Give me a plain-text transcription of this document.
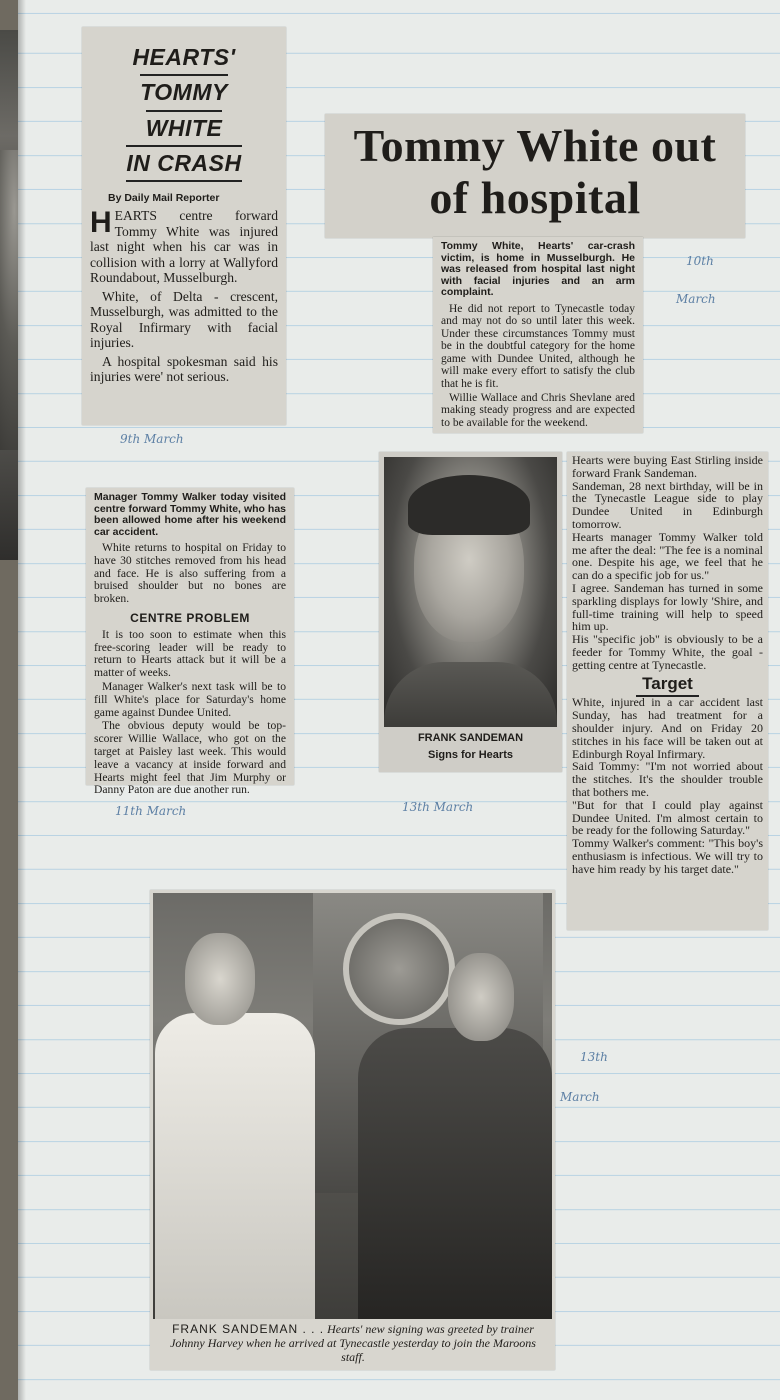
HEARTS'
TOMMY
WHITE
IN CRASH
By Daily Mail Reporter

HEARTS centre forward Tommy White was injured last night when his car was in collision with a lorry at Wallyford Roundabout, Musselburgh.

White, of Delta - crescent, Musselburgh, was admitted to the Royal Infirmary with facial injuries.

A hospital spokesman said his injuries were' not serious.

Tommy White out
of hospital

Tommy White, Hearts' car-crash victim, is home in Musselburgh. He was released from hospital last night with facial injuries and an arm complaint.

He did not report to Tynecastle today and may not do so until later this week. Under these circumstances Tommy must be in the doubtful category for the home game with Dundee United, although he will make every effort to satisfy the club that he is fit.

Willie Wallace and Chris Shevlane ared making steady progress and are expected to be available for the weekend.

Manager Tommy Walker today visited centre forward Tommy White, who has been allowed home after his weekend car accident.

White returns to hospital on Friday to have 30 stitches removed from his head and face. He is also suffering from a bruised shoulder but no bones are broken.

CENTRE PROBLEM

It is too soon to estimate when this free-scoring leader will be ready to return to Hearts attack but it will be a matter of weeks.

Manager Walker's next task will be to fill White's place for Saturday's home game against Dundee United.

The obvious deputy would be top-scorer Willie Wallace, who got on the target at Paisley last week. This would leave a vacancy at inside forward and Hearts might feel that Jim Murphy or Danny Paton are due another run.

FRANK SANDEMAN
Signs for Hearts

Hearts were buying East Stirling inside forward Frank Sandeman.

Sandeman, 28 next birthday, will be in the Tynecastle League side to play Dundee United in Edinburgh tomorrow.

Hearts manager Tommy Walker told me after the deal: "The fee is a nominal one. Despite his age, we feel that he can do a specific job for us."

I agree. Sandeman has turned in some sparkling displays for lowly 'Shire, and full-time training will help to speed him up.

His "specific job" is obviously to be a feeder for Tommy White, the goal - getting centre at Tynecastle.

Target

White, injured in a car accident last Sunday, has had treatment for a shoulder injury. And on Friday 20 stitches in his face will be taken out at Edinburgh Royal Infirmary.

Said Tommy: "I'm not worried about the stitches. It's the shoulder trouble that bothers me.

"But for that I could play against Dundee United. I'm almost certain to be ready for the following Saturday."

Tommy Walker's comment: "This boy's enthusiasm is infectious. We will try to have him ready by his target date."

FRANK SANDEMAN . . . Hearts' new signing was greeted by trainer Johnny Harvey when he arrived at Tynecastle yesterday to join the Maroons staff.
9th March
10th
March
11th March	13th March
13th
March
